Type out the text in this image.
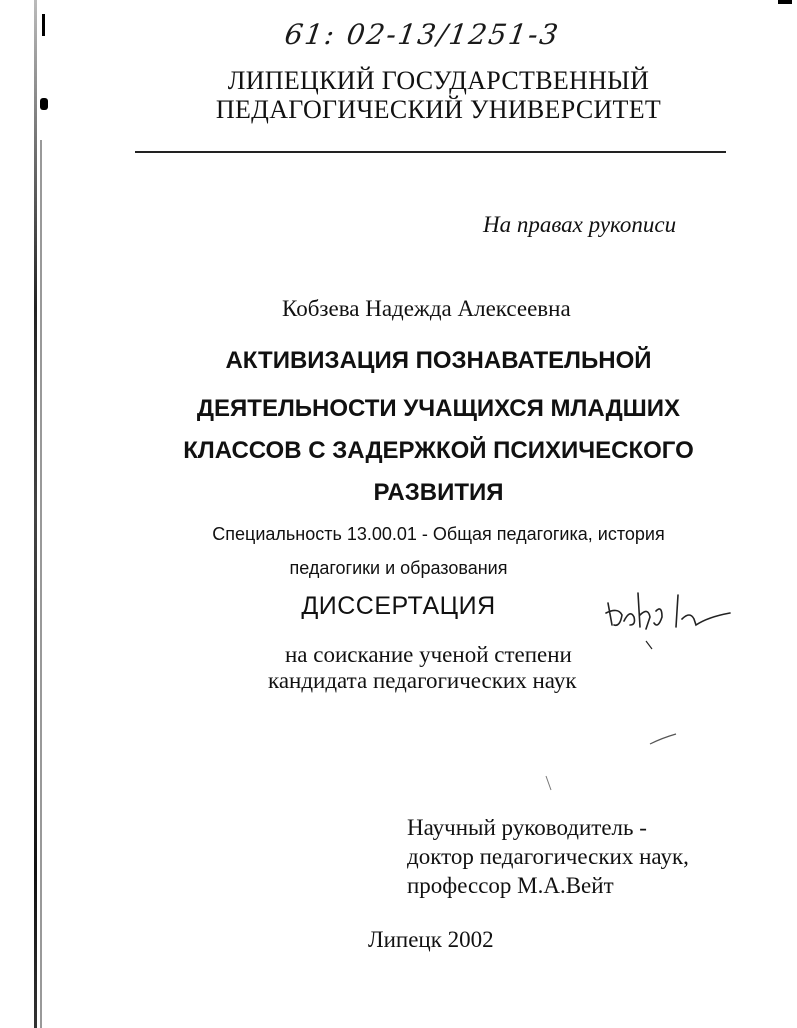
61: 02-13/1251-3
ЛИПЕЦКИЙ ГОСУДАРСТВЕННЫЙ
ПЕДАГОГИЧЕСКИЙ УНИВЕРСИТЕТ
На правах рукописи
Кобзева Надежда Алексеевна
АКТИВИЗАЦИЯ ПОЗНАВАТЕЛЬНОЙ
ДЕЯТЕЛЬНОСТИ УЧАЩИХСЯ МЛАДШИХ
КЛАССОВ С ЗАДЕРЖКОЙ ПСИХИЧЕСКОГО
РАЗВИТИЯ
Специальность 13.00.01 - Общая педагогика, история
педагогики и образования
ДИССЕРТАЦИЯ
на соискание ученой степени
кандидата педагогических наук
Научный руководитель -
доктор педагогических наук,
профессор М.А.Вейт
Липецк 2002
